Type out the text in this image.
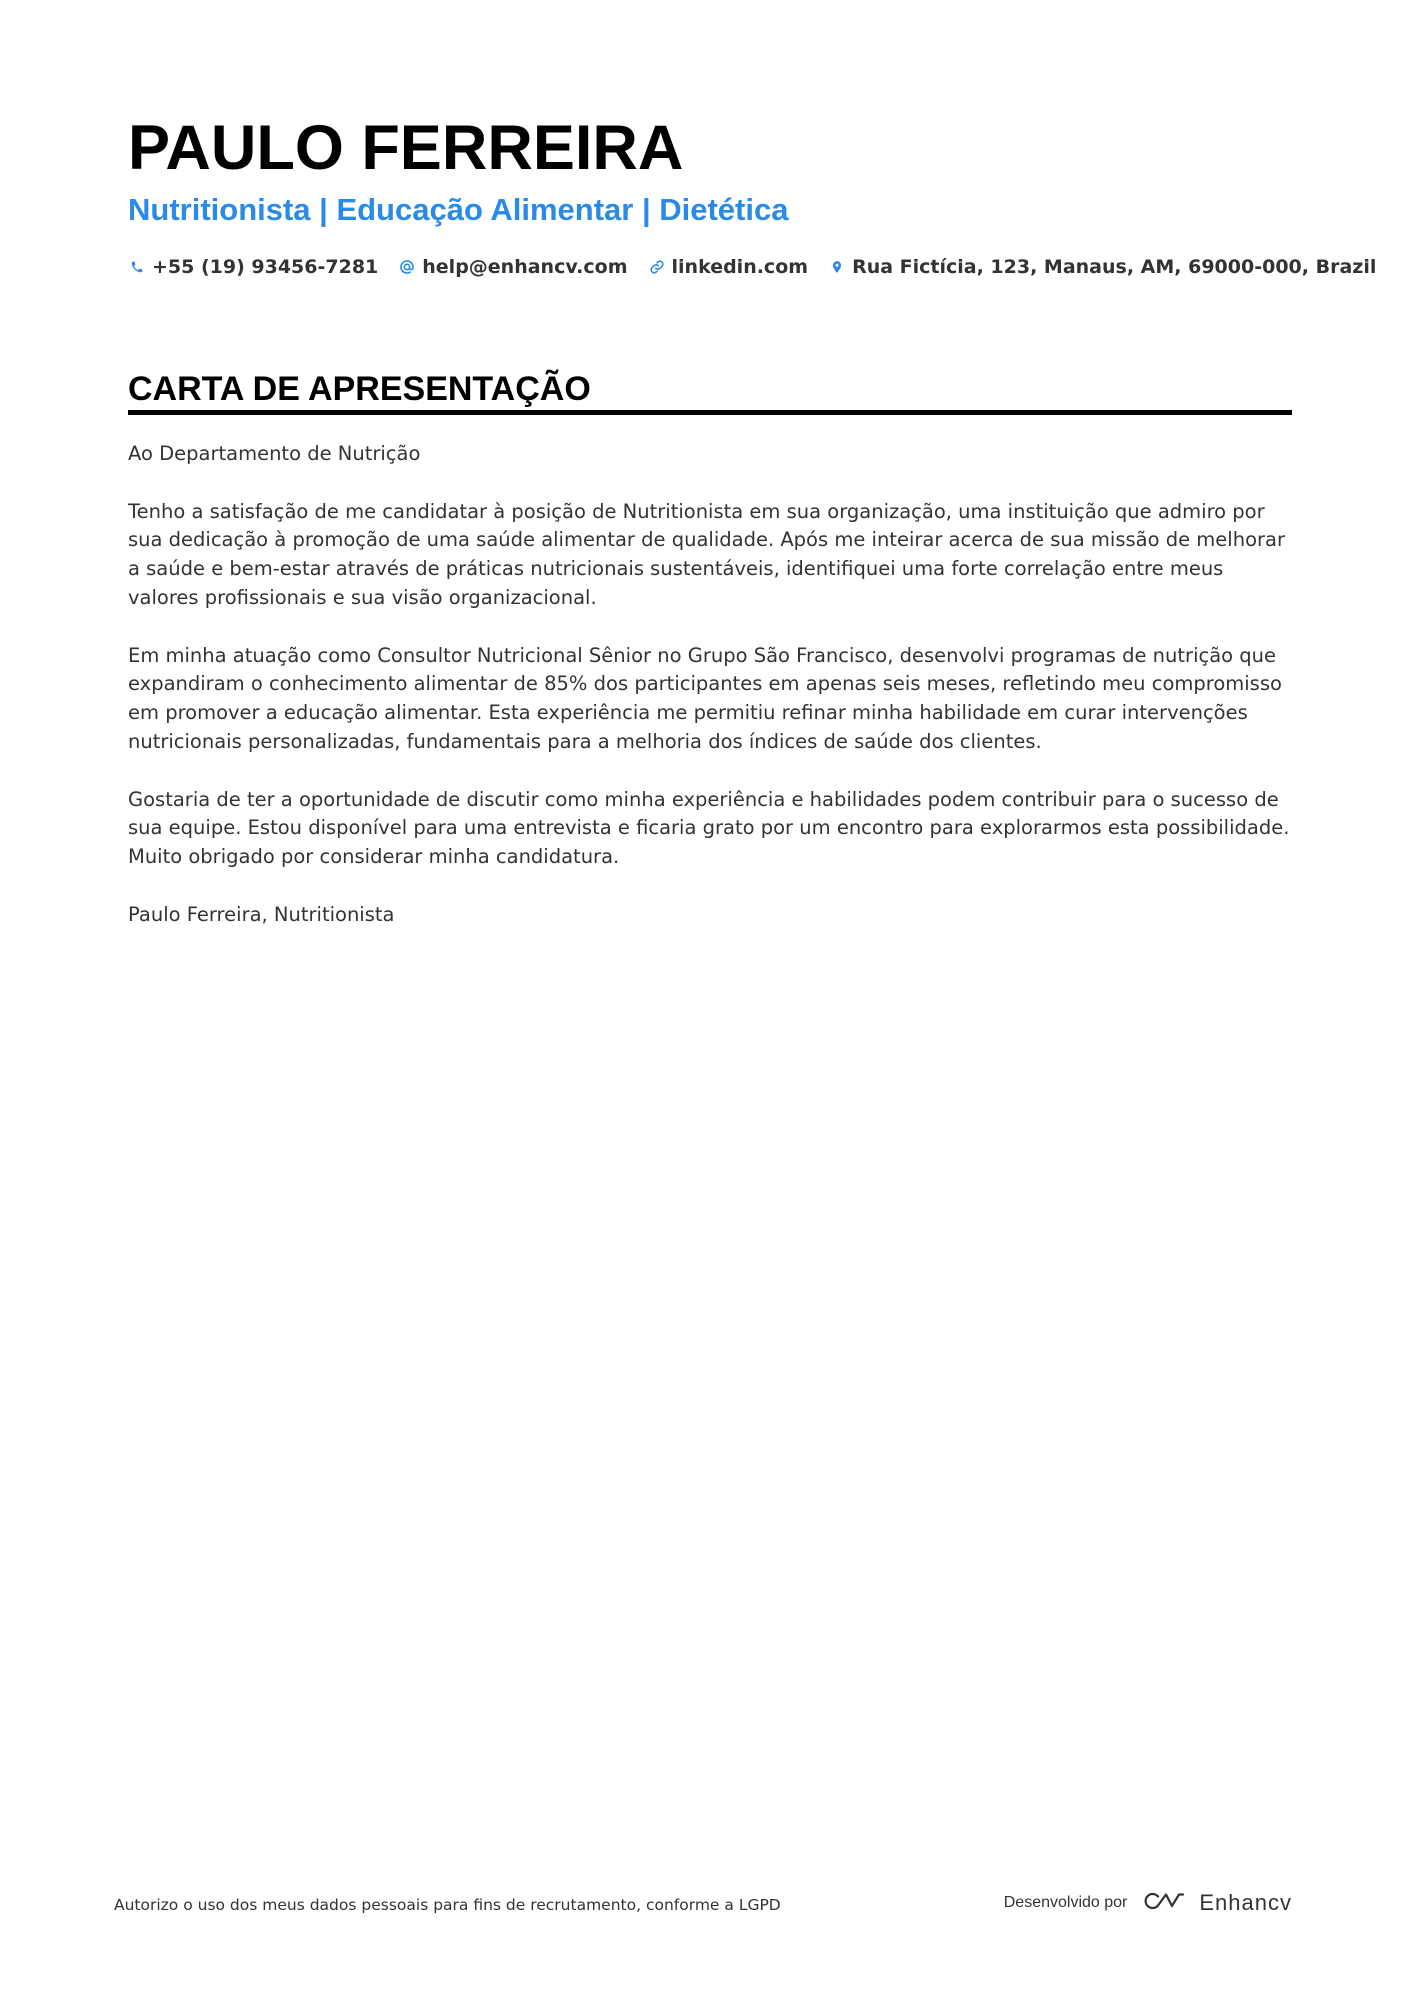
PAULO FERREIRA
Nutritionista | Educação Alimentar | Dietética
+55 (19) 93456-7281 help@enhancv.com linkedin.com Rua Fictícia, 123, Manaus, AM, 69000-000, Brazil
CARTA DE APRESENTAÇÃO

Ao Departamento de Nutrição

Tenho a satisfação de me candidatar à posição de Nutritionista em sua organização, uma instituição que admiro por sua dedicação à promoção de uma saúde alimentar de qualidade. Após me inteirar acerca de sua missão de melhorar a saúde e bem-estar através de práticas nutricionais sustentáveis, identifiquei uma forte correlação entre meus valores profissionais e sua visão organizacional.

Em minha atuação como Consultor Nutricional Sênior no Grupo São Francisco, desenvolvi programas de nutrição que expandiram o conhecimento alimentar de 85% dos participantes em apenas seis meses, refletindo meu compromisso em promover a educação alimentar. Esta experiência me permitiu refinar minha habilidade em curar intervenções nutricionais personalizadas, fundamentais para a melhoria dos índices de saúde dos clientes.

Gostaria de ter a oportunidade de discutir como minha experiência e habilidades podem contribuir para o sucesso de sua equipe. Estou disponível para uma entrevista e ficaria grato por um encontro para explorarmos esta possibilidade. Muito obrigado por considerar minha candidatura.

Paulo Ferreira, Nutritionista

Autorizo o uso dos meus dados pessoais para fins de recrutamento, conforme a LGPD	Desenvolvido por	Enhancv
